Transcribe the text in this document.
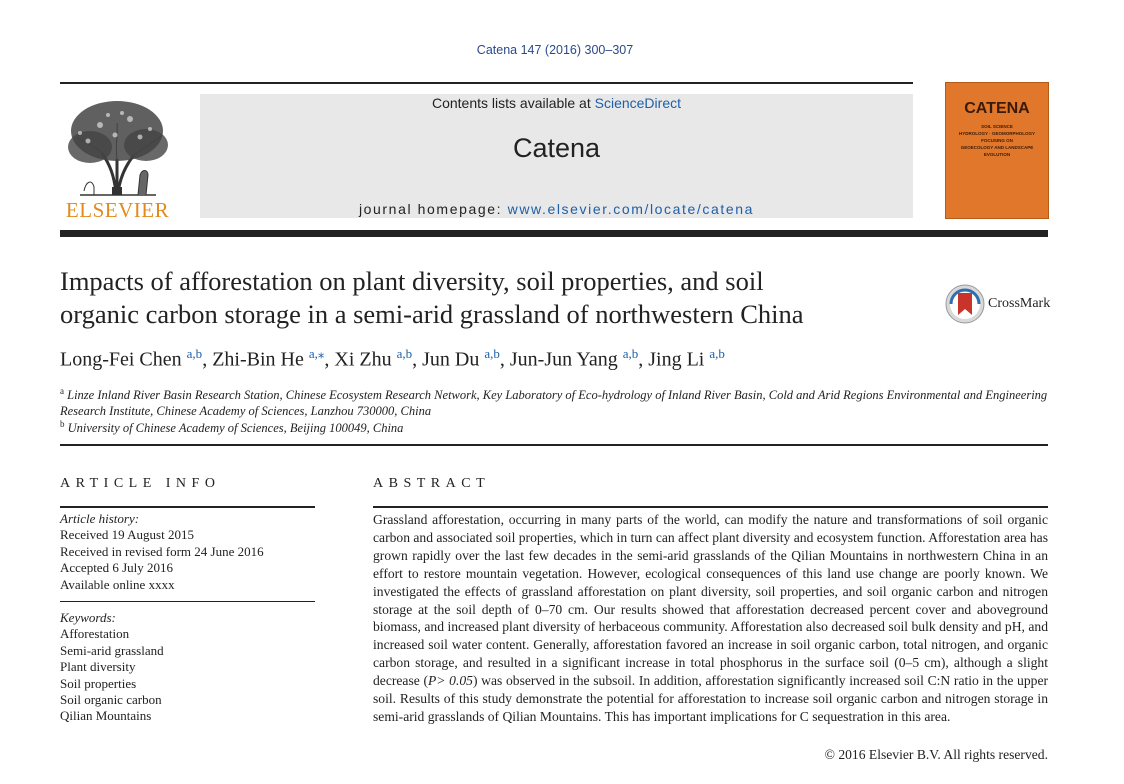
Catena 147 (2016) 300–307
ELSEVIER
Contents lists available at ScienceDirect
Catena
journal homepage: www.elsevier.com/locate/catena
CATENA
SOIL SCIENCE
HYDROLOGY · GEOMORPHOLOGY
FOCUSING ON
GEOECOLOGY AND LANDSCAPE EVOLUTION
Impacts of afforestation on plant diversity, soil properties, and soil
organic carbon storage in a semi-arid grassland of northwestern China	CrossMark
Long-Fei Chen $^{a,b}$, Zhi-Bin He $^{a,⁎}$, Xi Zhu $^{a,b}$, Jun Du $^{a,b}$, Jun-Jun Yang $^{a,b}$, Jing Li $^{a,b}$
$^a$ Linze Inland River Basin Research Station, Chinese Ecosystem Research Network, Key Laboratory of Eco-hydrology of Inland River Basin, Cold and Arid Regions Environmental and Engineering Research Institute, Chinese Academy of Sciences, Lanzhou 730000, China
$^b$ University of Chinese Academy of Sciences, Beijing 100049, China
ARTICLE INFO
Article history:
Received 19 August 2015
Received in revised form 24 June 2016
Accepted 6 July 2016
Available online xxxx
Keywords:
Afforestation
Semi-arid grassland
Plant diversity
Soil properties
Soil organic carbon
Qilian Mountains
ABSTRACT
Grassland afforestation, occurring in many parts of the world, can modify the nature and transformations of soil organic carbon and associated soil properties, which in turn can affect plant diversity and ecosystem function. Afforestation area has grown rapidly over the last few decades in the semi-arid grasslands of the Qilian Mountains in northwestern China in an effort to restore mountain vegetation. However, ecological consequences of this land use change are poorly known. We investigated the effects of grassland afforestation on plant diversity, soil properties, and soil organic carbon and nitrogen storage at the soil depth of 0–70 cm. Our results showed that afforestation decreased percent cover and aboveground biomass, and increased plant diversity of herbaceous community. Afforestation also decreased soil bulk density and pH, and increased soil water content. Generally, afforestation favored an increase in soil organic carbon, total nitrogen, and organic carbon storage, and resulted in a significant increase in total phosphorus in the surface soil (0–5 cm), although a slight decrease (P> 0.05) was observed in the subsoil. In addition, afforestation significantly increased soil C:N ratio in the upper soil. Results of this study demonstrate the potential for afforestation to increase soil organic carbon and nitrogen storage in semi-arid grasslands of Qilian Mountains. This has important implications for C sequestration in this area.
© 2016 Elsevier B.V. All rights reserved.
